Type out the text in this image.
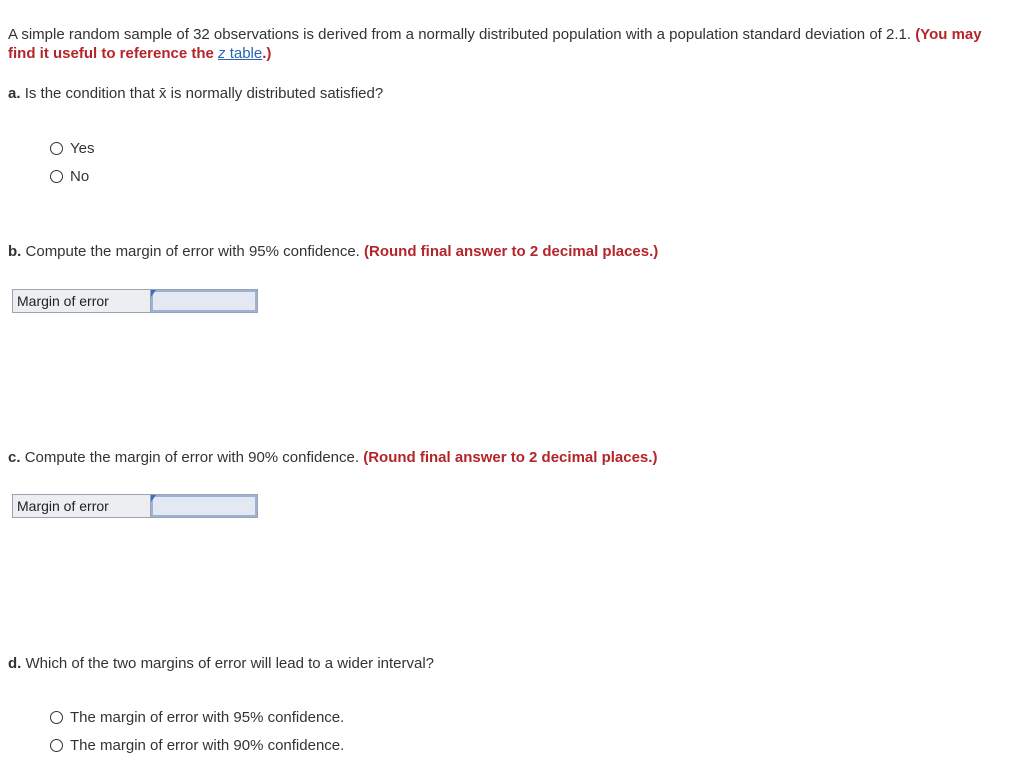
A simple random sample of 32 observations is derived from a normally distributed population with a population standard deviation of 2.1. (You may find it useful to reference the z table.)
a. Is the condition that x̄ is normally distributed satisfied?
Yes
No
b. Compute the margin of error with 95% confidence. (Round final answer to 2 decimal places.)
Margin of error
c. Compute the margin of error with 90% confidence. (Round final answer to 2 decimal places.)
Margin of error
d. Which of the two margins of error will lead to a wider interval?
The margin of error with 95% confidence.
The margin of error with 90% confidence.
